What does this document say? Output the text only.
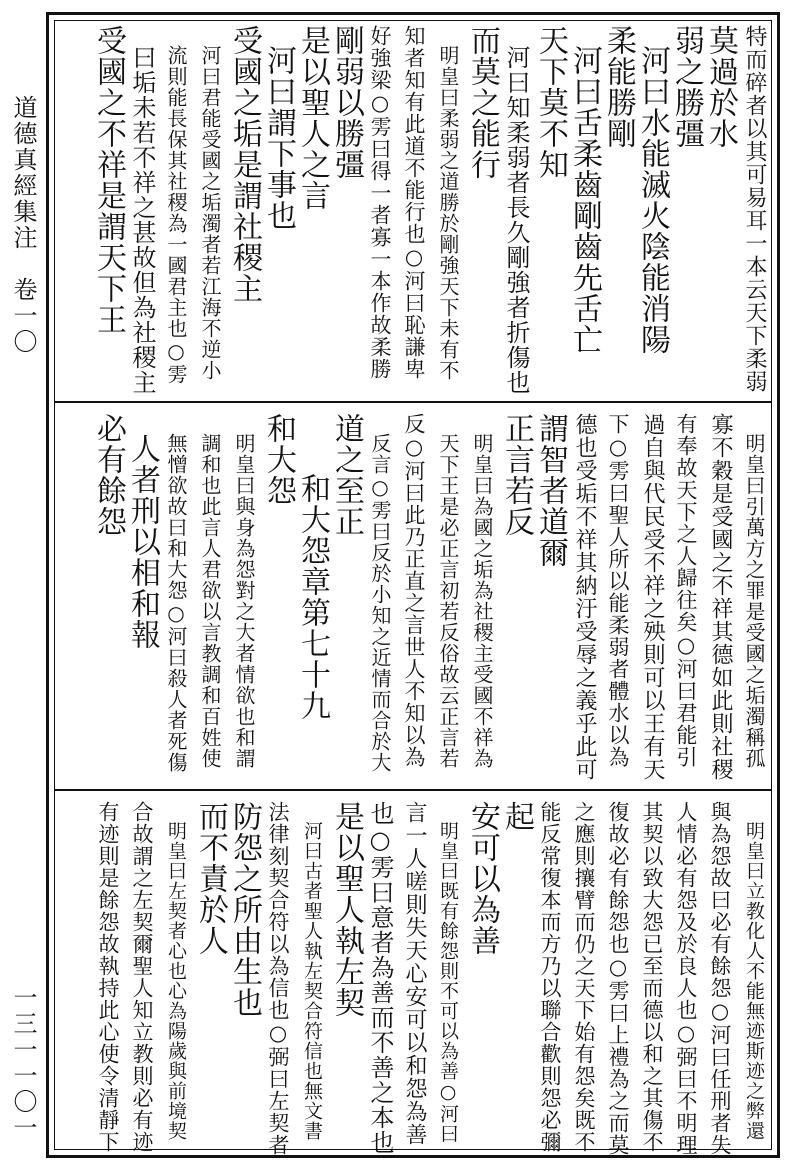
道德真經集注　卷一〇
一三一一〇一
特而碎者以其可易耳一本云天下柔弱
莫過於水
弱之勝彊
河曰水能滅火陰能消陽
柔能勝剛
河曰舌柔齒剛齒先舌亡
天下莫不知
河曰知柔弱者長久剛強者折傷也
而莫之能行
明皇曰柔弱之道勝於剛強天下未有不
知者知有此道不能行也○河曰恥謙卑
好強梁○雱曰得一者寡一本作故柔勝
剛弱以勝彊
是以聖人之言
河曰謂下事也
受國之垢是謂社稷主
河曰君能受國之垢濁者若江海不逆小
流則能長保其社稷為一國君主也○雱
曰垢未若不祥之甚故但為社稷主
受國之不祥是謂天下王
明皇曰引萬方之罪是受國之垢濁稱孤
寡不穀是受國之不祥其德如此則社稷
有奉故天下之人歸往矣○河曰君能引
過自與代民受不祥之殃則可以王有天
下○雱曰聖人所以能柔弱者體水以為
德也受垢不祥其納汙受辱之義乎此可
謂智者道爾
正言若反
明皇曰為國之垢為社稷主受國不祥為
天下王是必正言初若反俗故云正言若
反○河曰此乃正直之言世人不知以為
反言○雱曰反於小知之近情而合於大
道之至正
和大怨章第七十九
和大怨
明皇曰與身為怨對之大者情欲也和謂
調和也此言人君欲以言教調和百姓使
無憎欲故曰和大怨○河曰殺人者死傷
人者刑以相和報
必有餘怨
明皇曰立教化人不能無迹斯迹之弊還
與為怨故曰必有餘怨○河曰任刑者失
人情必有怨及於良人也○弼曰不明理
其契以致大怨已至而德以和之其傷不
復故必有餘怨也○雱曰上禮為之而莫
之應則攘臂而仍之天下始有怨矣既不
能反常復本而方乃以聯合歡則怨必彌
起
安可以為善
明皇曰既有餘怨則不可以為善○河曰
言一人嗟則失天心安可以和怨為善
也○雱曰意者為善而不善之本也
是以聖人執左契
河曰古者聖人執左契合符信也無文書
法律刻契合符以為信也○弼曰左契者
防怨之所由生也
而不責於人
明皇曰左契者心也心為陽歲與前境契
合故謂之左契爾聖人知立教則必有迹
有迹則是餘怨故執持此心使令清靜下
